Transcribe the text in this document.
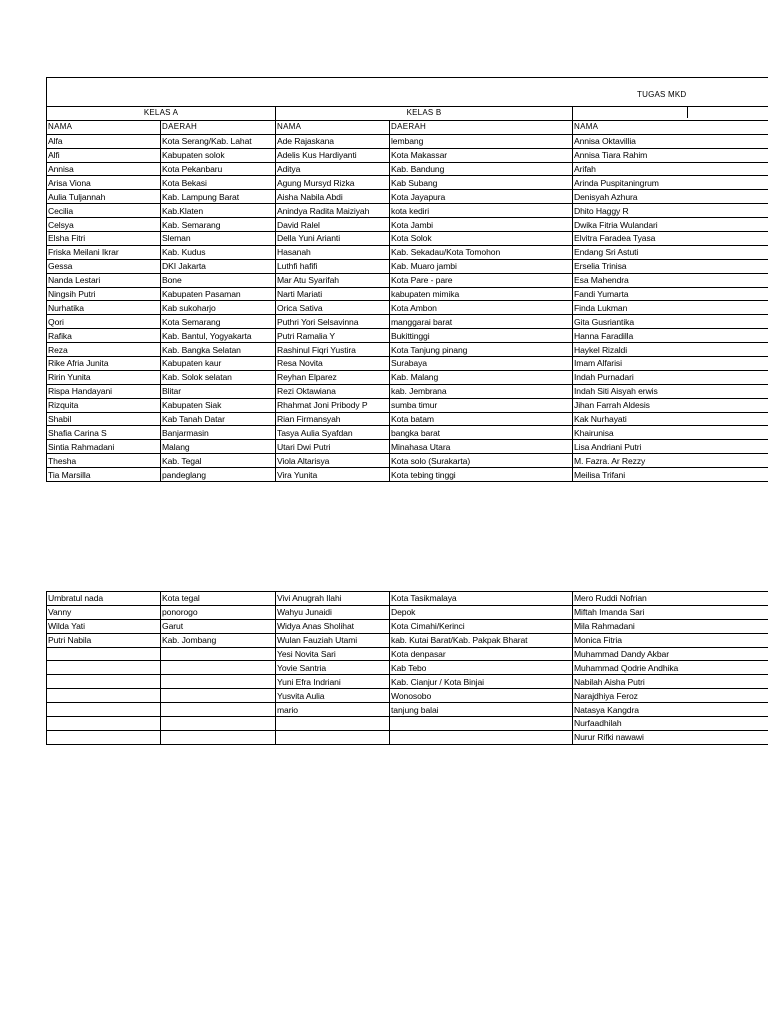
KELAS A		KELAS B		
NAMA	DAERAH	NAMA	DAERAH	NAMA
Alfa	Kota Serang/Kab. Lahat	Ade Rajaskana	lembang	Annisa Oktavillia
Alfi	Kabupaten solok	Adelis Kus Hardiyanti	Kota Makassar	Annisa Tiara Rahim
Annisa	Kota Pekanbaru	Aditya	Kab. Bandung	Arifah
Arisa Viona	Kota Bekasi	Agung Mursyd Rizka	Kab Subang	Arinda Puspitaningrum
Aulia Tuljannah	Kab. Lampung Barat	Aisha Nabila Abdi	Kota Jayapura	Denisyah Azhura
Cecilia	Kab.Klaten	Anindya Radita Maiziyah	kota kediri	Dhito Haggy R
Celsya	Kab. Semarang	David Ralel	Kota Jambi	Dwika Fitria Wulandari
Elsha Fitri	Sleman	Della Yuni Arianti	Kota Solok	Elvitra Faradea Tyasa
Friska Meilani Ikrar	Kab. Kudus	Hasanah	Kab. Sekadau/Kota Tomohon	Endang Sri Astuti
Gessa	DKI Jakarta	Luthfi hafifi	Kab. Muaro jambi	Erselia Trinisa
Nanda Lestari	Bone	Mar Atu Syarifah	Kota Pare - pare	Esa Mahendra
Ningsih Putri	Kabupaten Pasaman	Narti Mariati	kabupaten mimika	Fandi Yumarta
Nurhatika	Kab sukoharjo	Orica Sativa	Kota Ambon	Finda Lukman
Qori	Kota Semarang	Puthri Yori Selsavinna	manggarai barat	Gita Gusriantika
Rafika	Kab. Bantul, Yogyakarta	Putri Ramalia Y	Bukittinggi	Hanna Faradilla
Reza	Kab. Bangka Selatan	Rashinul Fiqri Yustira	Kota Tanjung pinang	Haykel Rizaldi
Rike Afria Junita	Kabupaten kaur	Resa Novita	Surabaya	Imam Alfarisi
Ririn Yunita	Kab. Solok selatan	Reyhan Elparez	Kab. Malang	Indah Purnadari
Rispa Handayani	Blitar	Rezi Oktawiana	kab. Jembrana	Indah Siti Aisyah erwis
Rizquita	Kabupaten Siak	Rhahmat Joni Pribody P	sumba timur	Jihan Farrah Aldesis
Shabil	Kab Tanah Datar	Rian Firmansyah	Kota batam	Kak Nurhayati
Shafia Carina S	Banjarmasin	Tasya Aulia Syafdan	bangka barat	Khairunisa
Sintia Rahmadani	Malang	Utari Dwi Putri	Minahasa Utara	Lisa Andriani Putri
Thesha	Kab. Tegal	Viola Altarisya	Kota solo (Surakarta)	M. Fazra. Ar Rezzy
Tia Marsilla	pandeglang	Vira Yunita	Kota tebing tinggi	Meilisa Trifani
TUGAS MKD
Umbratul nada	Kota tegal	Vivi Anugrah Ilahi	Kota Tasikmalaya	Mero Ruddi Nofrian
Vanny	ponorogo	Wahyu Junaidi	Depok	Miftah Imanda Sari
Wilda Yati	Garut	Widya Anas Sholihat	Kota Cimahi/Kerinci	Mila Rahmadani
Putri Nabila	Kab. Jombang	Wulan Fauziah Utami	kab. Kutai Barat/Kab. Pakpak Bharat	Monica Fitria
		Yesi Novita Sari	Kota denpasar	Muhammad Dandy Akbar
		Yovie Santria	Kab Tebo	Muhammad Qodrie Andhika
		Yuni Efra Indriani	Kab. Cianjur / Kota Binjai	Nabilah Aisha Putri
		Yusvita Aulia	Wonosobo	Narajdhiya Feroz
		mario	tanjung balai	Natasya Kangdra
				Nurfaadhilah
				Nurur Rifki nawawi
